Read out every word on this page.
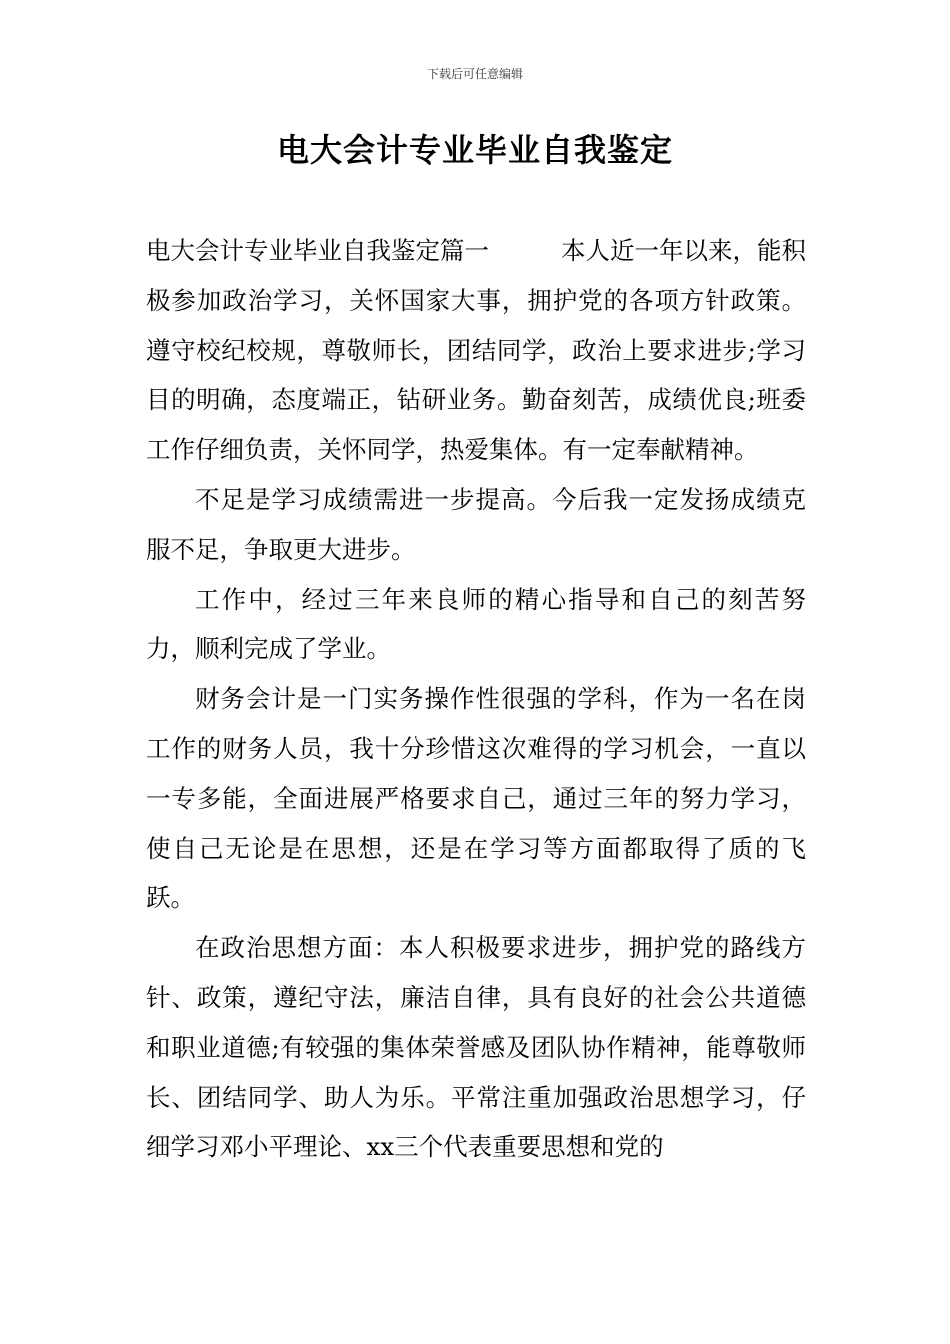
下载后可任意编辑
电大会计专业毕业自我鉴定

电大会计专业毕业自我鉴定篇一	本人近一年以来，能积极参加政治学习，关怀国家大事，拥护党的各项方针政策。遵守校纪校规，尊敬师长，团结同学，政治上要求进步;学习目的明确，态度端正，钻研业务。勤奋刻苦，成绩优良;班委工作仔细负责，关怀同学，热爱集体。有一定奉献精神。

不足是学习成绩需进一步提高。今后我一定发扬成绩克服不足，争取更大进步。

工作中，经过三年来良师的精心指导和自己的刻苦努力，顺利完成了学业。

财务会计是一门实务操作性很强的学科，作为一名在岗工作的财务人员，我十分珍惜这次难得的学习机会，一直以一专多能，全面进展严格要求自己，通过三年的努力学习，使自己无论是在思想，还是在学习等方面都取得了质的飞跃。

在政治思想方面：本人积极要求进步，拥护党的路线方针、政策，遵纪守法，廉洁自律，具有良好的社会公共道德和职业道德;有较强的集体荣誉感及团队协作精神，能尊敬师长、团结同学、助人为乐。平常注重加强政治思想学习，仔细学习邓小平理论、xx三个代表重要思想和党的
